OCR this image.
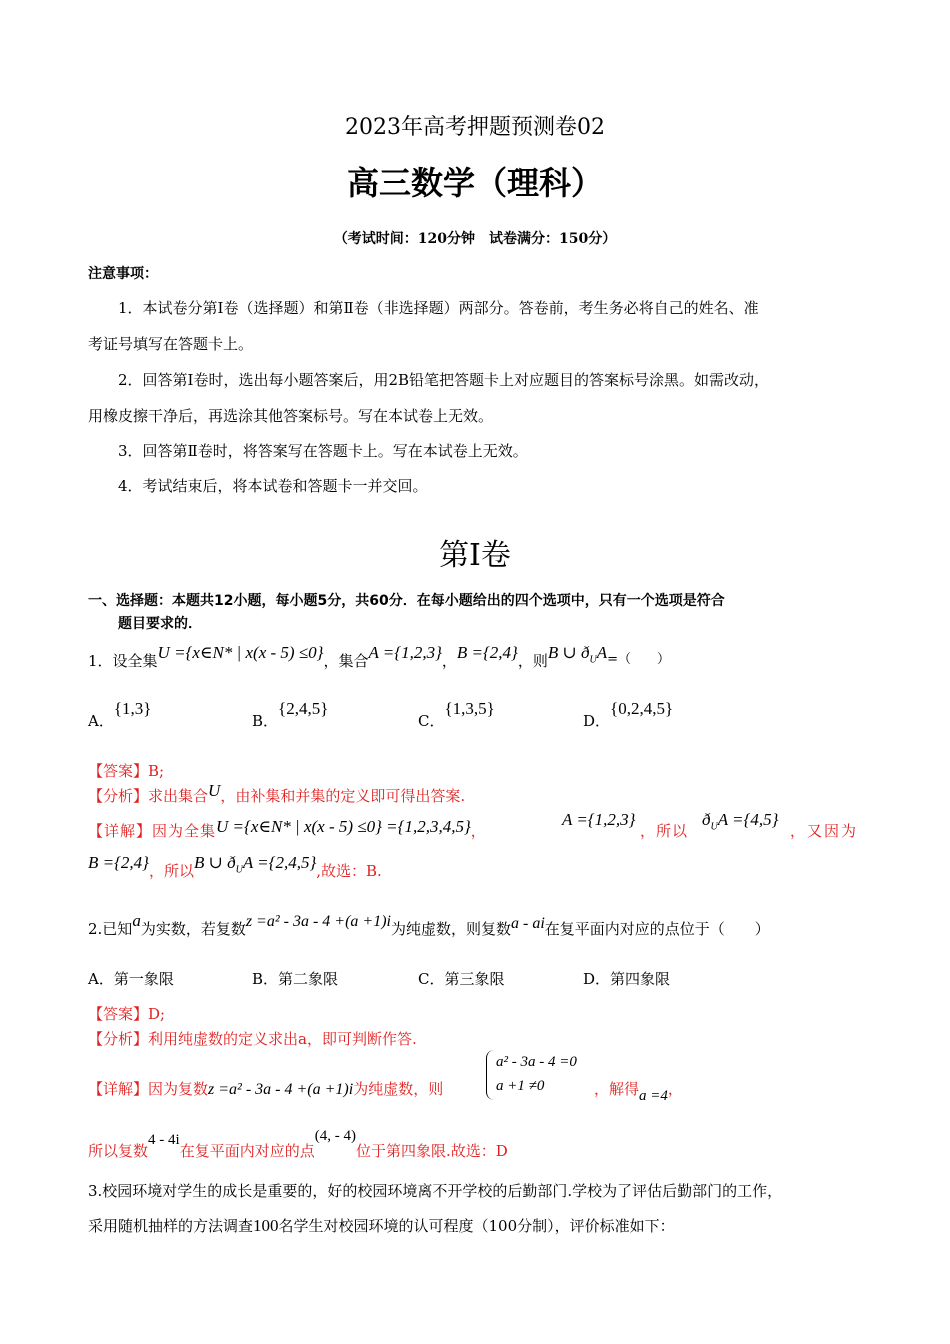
2023年高考押题预测卷02
高三数学（理科）
（考试时间：120分钟　试卷满分：150分）
注意事项：
1．本试卷分第Ⅰ卷（选择题）和第Ⅱ卷（非选择题）两部分。答卷前，考生务必将自己的姓名、准
考证号填写在答题卡上。
2．回答第Ⅰ卷时，选出每小题答案后，用2B铅笔把答题卡上对应题目的答案标号涂黑。如需改动，
用橡皮擦干净后，再选涂其他答案标号。写在本试卷上无效。
3．回答第Ⅱ卷时，将答案写在答题卡上。写在本试卷上无效。
4．考试结束后，将本试卷和答题卡一并交回。
第Ⅰ卷
一、选择题：本题共12小题，每小题5分，共60分．在每小题给出的四个选项中，只有一个选项是符合
题目要求的．
1．设全集U ={x∈N* | x(x - 5) ≤0}，集合A ={1,2,3}，B ={2,4}，则B ∪ $ð_UA=$（　　）
A．{1,3}
B．{2,4,5}
C．{1,3,5}
D．{0,2,4,5}
【答案】B;
【分析】求出集合U，由补集和并集的定义即可得出答案.
【详解】因为全集U ={x∈N* | x(x - 5) ≤0} ={1,2,3,4,5}，
A ={1,2,3}
，所以
$ð_UA =\{4,5\}$
，又因为
B ={2,4}，所以B ∪ $ð_UA =\{2,4,5\}$,故选：B.
2.已知a为实数，若复数z =a² - 3a - 4 +(a +1)i为纯虚数，则复数a - ai在复平面内对应的点位于（　　）
A．第一象限	B．第二象限	C．第三象限	D．第四象限
【答案】D;
【分析】利用纯虚数的定义求出a，即可判断作答.
【详解】因为复数z =a² - 3a - 4 +(a +1)i为纯虚数，则
a² - 3a - 4 =0
a +1 ≠0	，解得a =4，
所以复数4 - 4i在复平面内对应的点(4, - 4)位于第四象限.故选：D
3.校园环境对学生的成长是重要的，好的校园环境离不开学校的后勤部门.学校为了评估后勤部门的工作，
采用随机抽样的方法调查100名学生对校园环境的认可程度（100分制），评价标准如下：
